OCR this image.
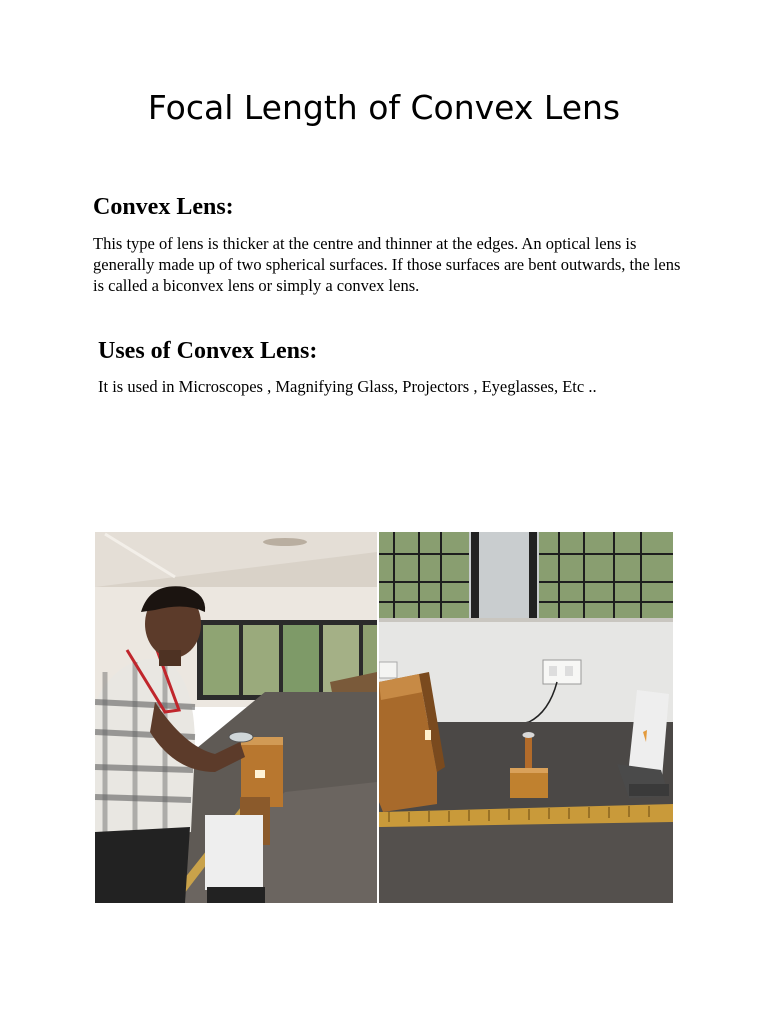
Focal Length of Convex Lens
Convex Lens:

This type of lens is thicker at the centre and thinner at the edges. An optical lens is generally made up of two spherical surfaces. If those surfaces are bent outwards, the lens is called a biconvex lens or simply a convex lens.

Uses of Convex Lens:

It is used in Microscopes , Magnifying Glass, Projectors , Eyeglasses, Etc ..
